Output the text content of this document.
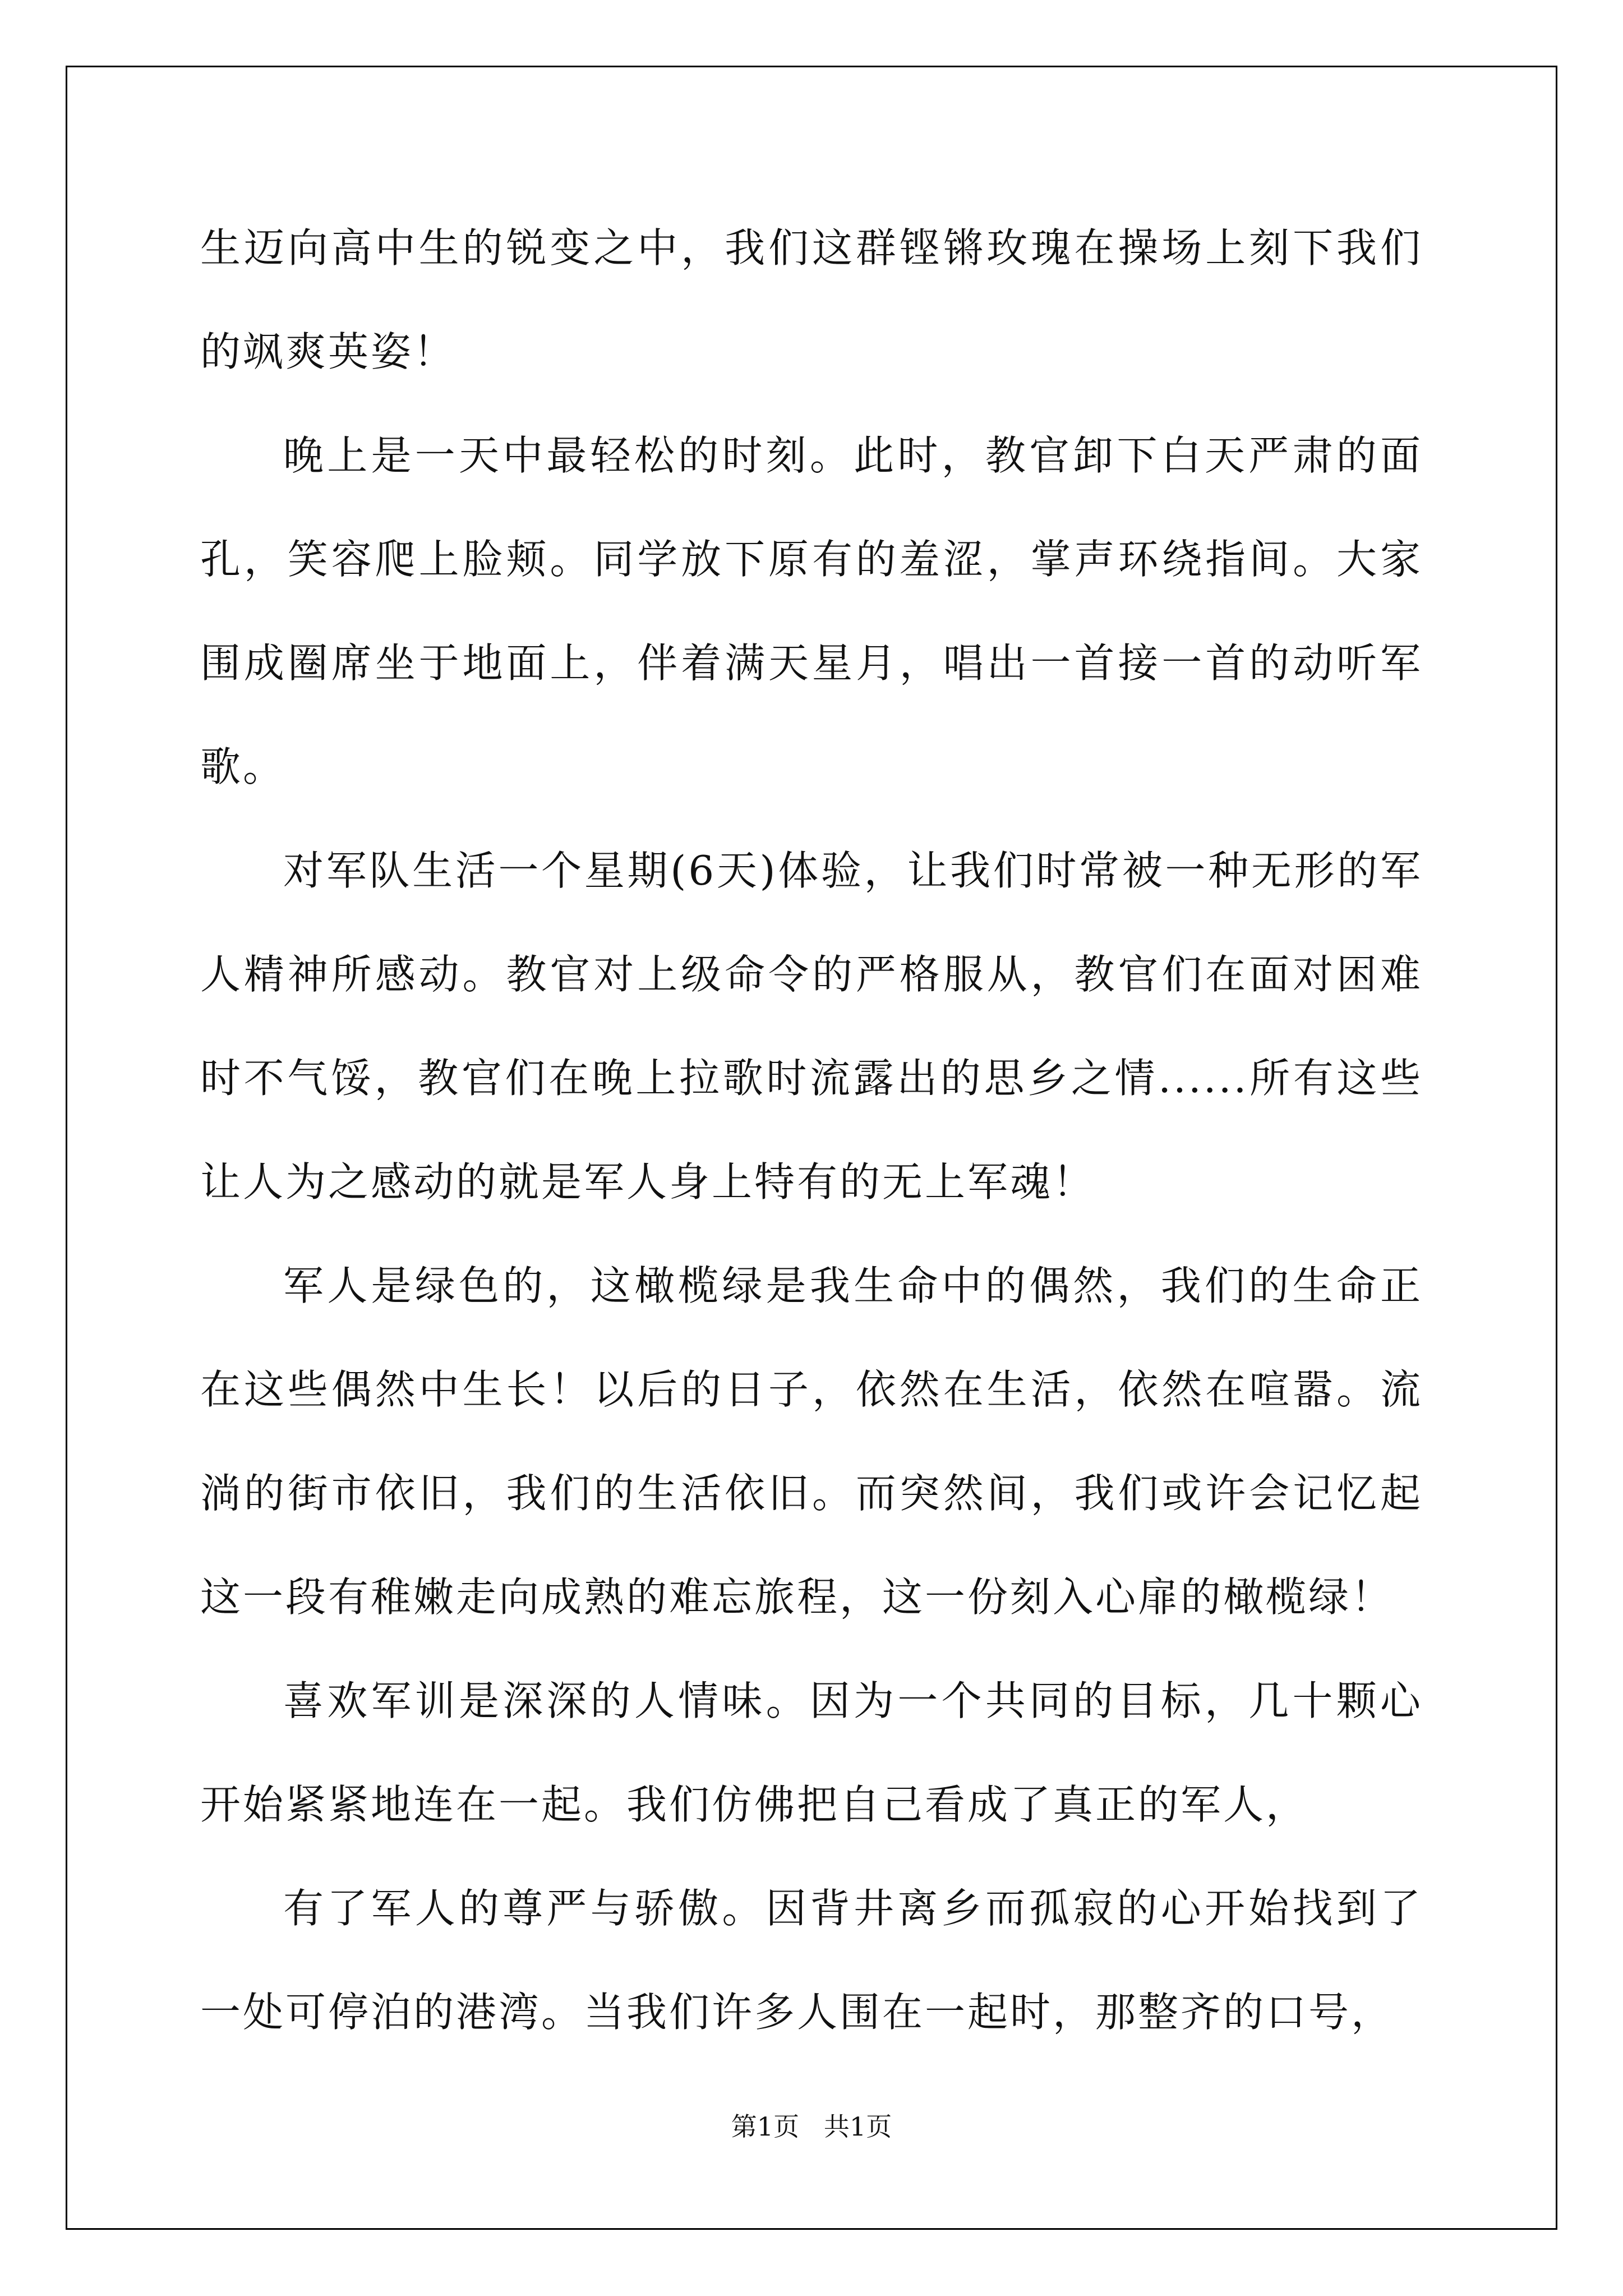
生迈向高中生的锐变之中，我们这群铿锵玫瑰在操场上刻下我们的飒爽英姿！

晚上是一天中最轻松的时刻。此时，教官卸下白天严肃的面孔，笑容爬上脸颊。同学放下原有的羞涩，掌声环绕指间。大家围成圈席坐于地面上，伴着满天星月，唱出一首接一首的动听军歌。

对军队生活一个星期(6天)体验，让我们时常被一种无形的军人精神所感动。教官对上级命令的严格服从，教官们在面对困难时不气馁，教官们在晚上拉歌时流露出的思乡之情......所有这些让人为之感动的就是军人身上特有的无上军魂！

军人是绿色的，这橄榄绿是我生命中的偶然，我们的生命正在这些偶然中生长！以后的日子，依然在生活，依然在喧嚣。流淌的街市依旧，我们的生活依旧。而突然间，我们或许会记忆起这一段有稚嫩走向成熟的难忘旅程，这一份刻入心扉的橄榄绿！

喜欢军训是深深的人情味。因为一个共同的目标，几十颗心开始紧紧地连在一起。我们仿佛把自己看成了真正的军人，

有了军人的尊严与骄傲。因背井离乡而孤寂的心开始找到了一处可停泊的港湾。当我们许多人围在一起时，那整齐的口号，

第1页   共1页
